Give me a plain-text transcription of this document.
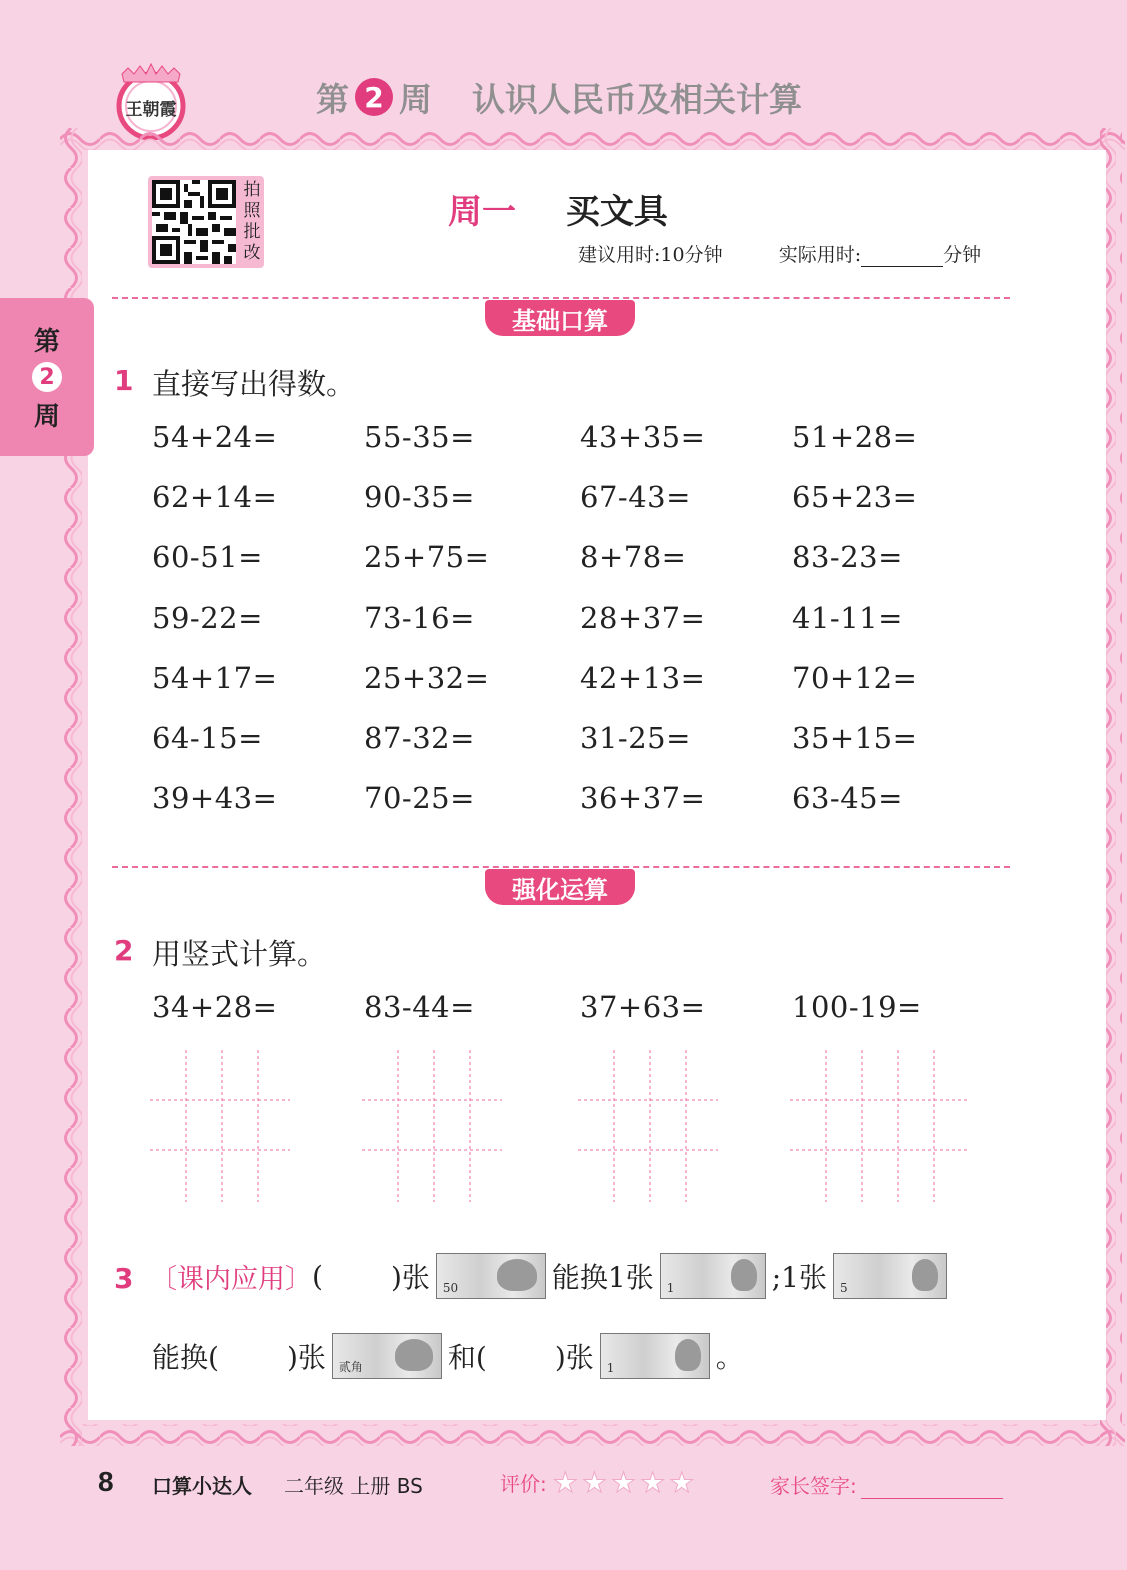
王朝霞	第 2 周 认识人民币及相关计算
第
2
周
拍
照
批
改
周一 买文具
建议用时:10分钟	实际用时:	分钟
基础口算
1 直接写出得数。
强化运算
2 用竖式计算。
34+28=	83-44=	37+63=	100-19=
3 〔课内应用〕 ( )张 50	能换1张 1	;1张 5
能换( )张 贰角	和( )张 1	。
8 口算小达人 二年级 上册 BS	评价: ★ ★ ★ ★ ★	家长签字:
54+24=	55-35=	43+35=	51+28=
62+14=	90-35=	67-43=	65+23=
60-51=	25+75=	8+78=	83-23=
59-22=	73-16=	28+37=	41-11=
54+17=	25+32=	42+13=	70+12=
64-15=	87-32=	31-25=	35+15=
39+43=	70-25=	36+37=	63-45=
